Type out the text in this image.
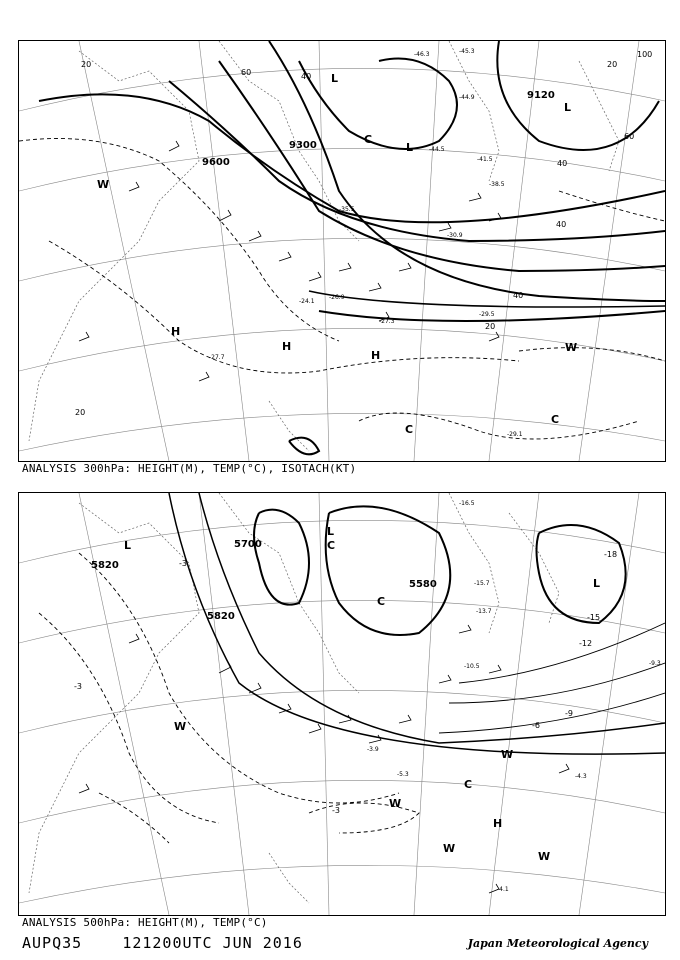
9600
9300
9120
20
40
60
100
20
40
60
40
20
20
40
-46.3	-45.3
-44.9
-44.5
-41.5
-38.5
-35.5
-30.9
-29.5
-27.3
-26.9
-27.7
-29.1
-24.1
H
H
H
L
L
L
C
C
C
W
W
ANALYSIS 300hPa: HEIGHT(M), TEMP(°C), ISOTACH(KT)
5700
5820
5820
5580
-18
-15
-12
-9
-6
-3
-3
-3
-16.5
-15.7
-13.7
-10.5	-9.3
-4.3
-4.1
-5.3
-3.9
L
L
L
H
C
C
C
W
W
W
W
W
ANALYSIS 500hPa: HEIGHT(M), TEMP(°C)
AUPQ35	121200UTC JUN 2016	Japan Meteorological Agency
